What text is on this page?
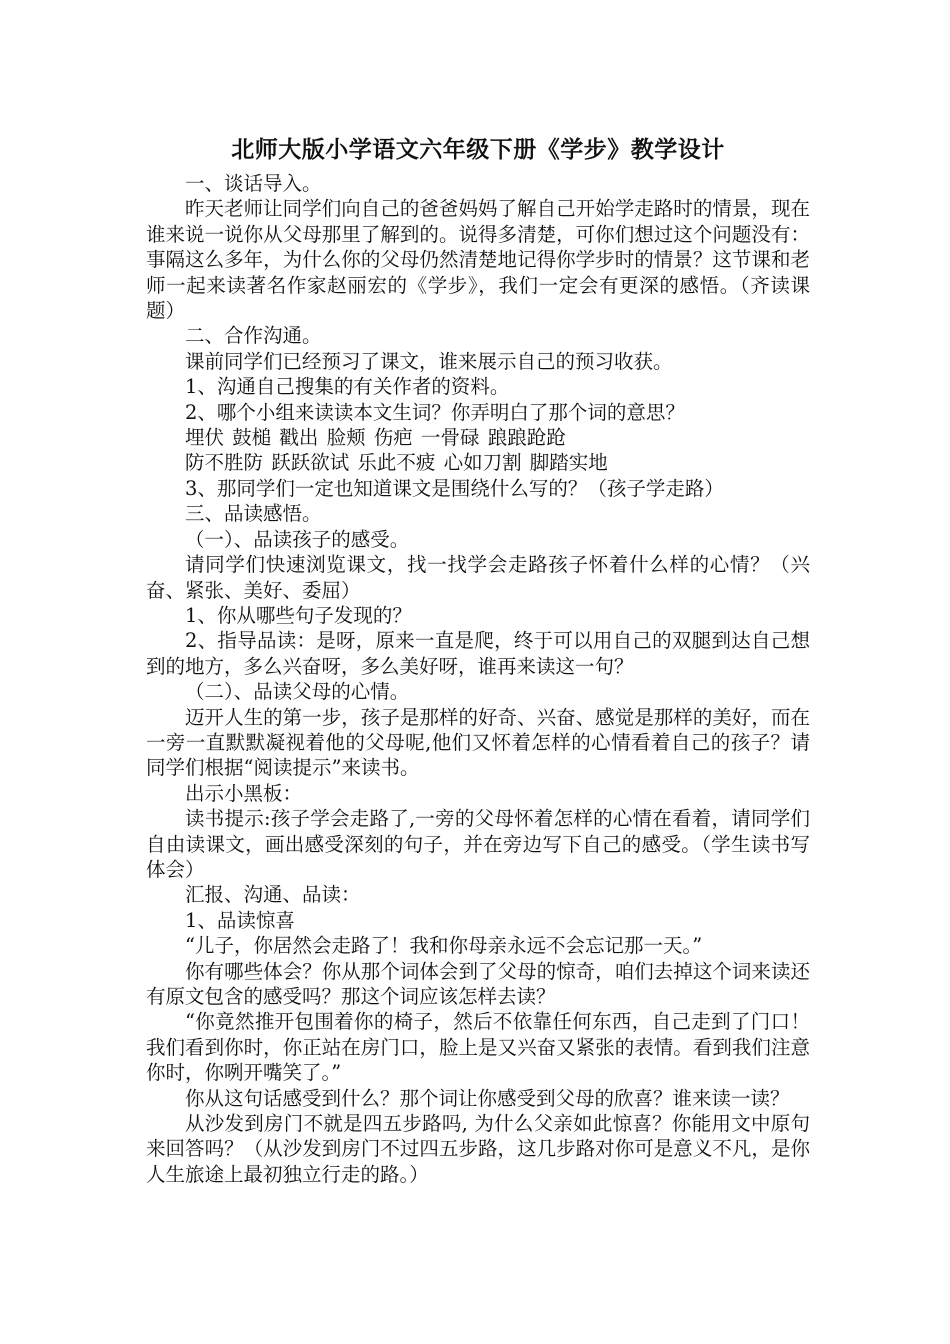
北师大版小学语文六年级下册《学步》教学设计

一、谈话导入。

昨天老师让同学们向自己的爸爸妈妈了解自己开始学走路时的情景，现在谁来说一说你从父母那里了解到的。说得多清楚，可你们想过这个问题没有：事隔这么多年，为什么你的父母仍然清楚地记得你学步时的情景？这节课和老师一起来读著名作家赵丽宏的《学步》，我们一定会有更深的感悟。（齐读课题）

二、合作沟通。

课前同学们已经预习了课文，谁来展示自己的预习收获。

1、沟通自己搜集的有关作者的资料。

2、哪个小组来读读本文生词？你弄明白了那个词的意思？

埋伏 鼓槌 戳出 脸颊 伤疤 一骨碌 踉踉跄跄

防不胜防 跃跃欲试 乐此不疲 心如刀割 脚踏实地

3、那同学们一定也知道课文是围绕什么写的？（孩子学走路）

三、品读感悟。

（一）、品读孩子的感受。

请同学们快速浏览课文，找一找学会走路孩子怀着什么样的心情？（兴奋、紧张、美好、委屈）

1、你从哪些句子发现的？

2、指导品读：是呀，原来一直是爬，终于可以用自己的双腿到达自己想到的地方，多么兴奋呀，多么美好呀，谁再来读这一句？

（二）、品读父母的心情。

迈开人生的第一步，孩子是那样的好奇、兴奋、感觉是那样的美好，而在一旁一直默默凝视着他的父母呢,他们又怀着怎样的心情看着自己的孩子？请同学们根据“阅读提示”来读书。

出示小黑板：

读书提示:孩子学会走路了,一旁的父母怀着怎样的心情在看着，请同学们自由读课文，画出感受深刻的句子，并在旁边写下自己的感受。（学生读书写体会）

汇报、沟通、品读：

1、品读惊喜

“儿子，你居然会走路了！我和你母亲永远不会忘记那一天。”

你有哪些体会？你从那个词体会到了父母的惊奇，咱们去掉这个词来读还有原文包含的感受吗？那这个词应该怎样去读？

“你竟然推开包围着你的椅子，然后不依靠任何东西，自己走到了门口！我们看到你时，你正站在房门口，脸上是又兴奋又紧张的表情。看到我们注意你时，你咧开嘴笑了。”

你从这句话感受到什么？那个词让你感受到父母的欣喜？谁来读一读？

从沙发到房门不就是四五步路吗, 为什么父亲如此惊喜？你能用文中原句来回答吗？（从沙发到房门不过四五步路，这几步路对你可是意义不凡，是你人生旅途上最初独立行走的路。）
